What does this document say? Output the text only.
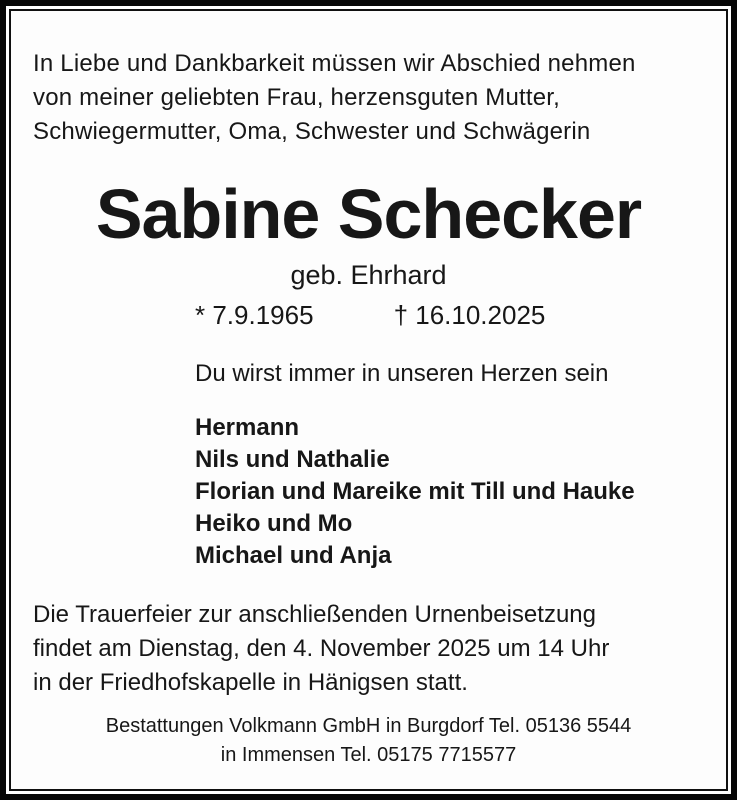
In Liebe und Dankbarkeit müssen wir Abschied nehmen
von meiner geliebten Frau, herzensguten Mutter,
Schwiegermutter, Oma, Schwester und Schwägerin
Sabine Schecker
geb. Ehrhard
* 7.9.1965	† 16.10.2025
Du wirst immer in unseren Herzen sein
Hermann
Nils und Nathalie
Florian und Mareike mit Till und Hauke
Heiko und Mo
Michael und Anja
Die Trauerfeier zur anschließenden Urnenbeisetzung
findet am Dienstag, den 4. November 2025 um 14 Uhr
in der Friedhofskapelle in Hänigsen statt.
Bestattungen Volkmann GmbH in Burgdorf Tel. 05136 5544
in Immensen Tel. 05175 7715577
